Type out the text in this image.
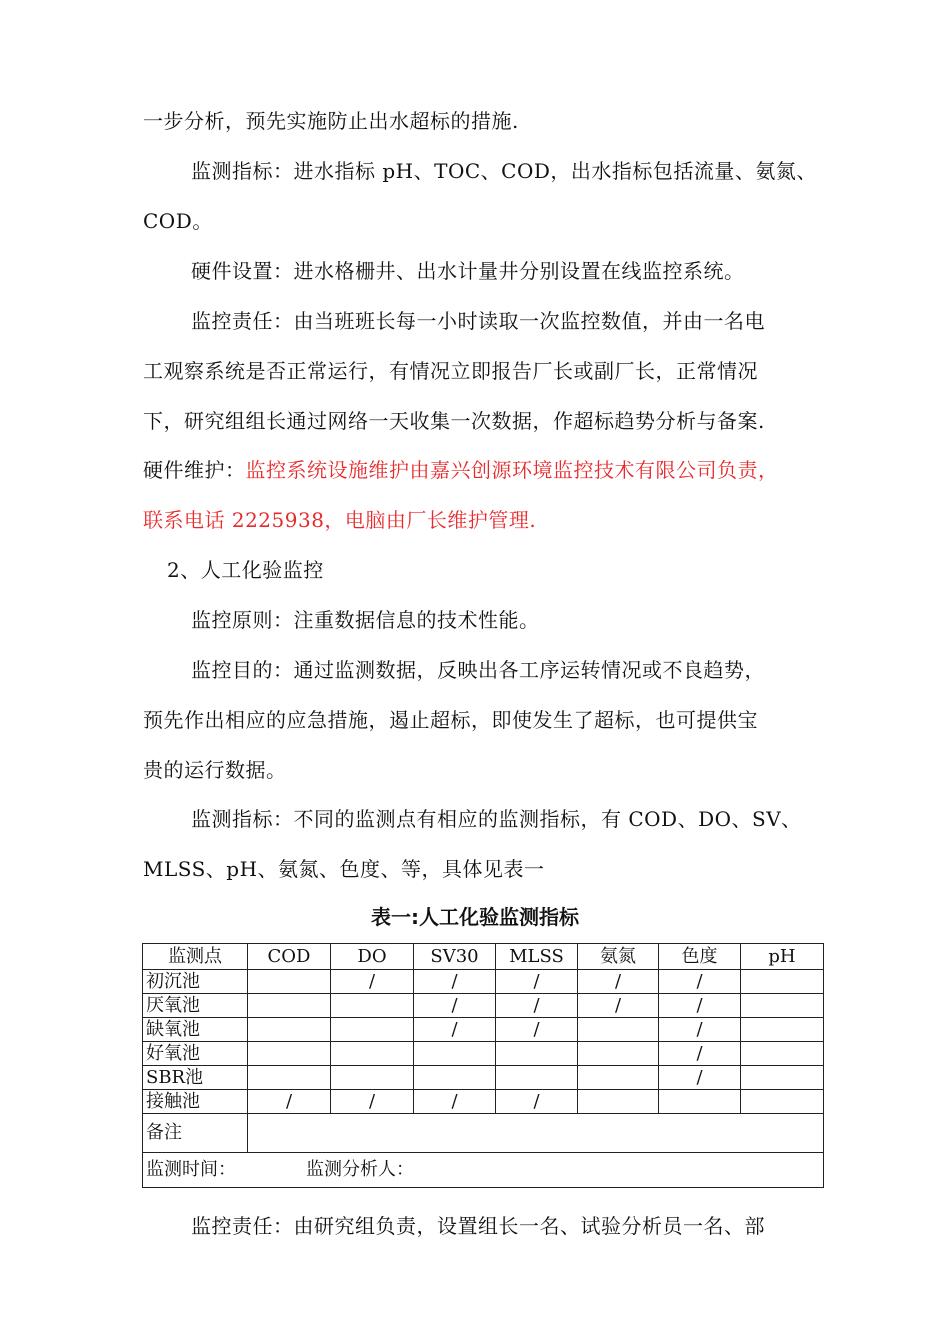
一步分析，预先实施防止出水超标的措施.
监测指标：进水指标 pH、TOC、COD，出水指标包括流量、氨氮、
COD。
硬件设置：进水格栅井、出水计量井分别设置在线监控系统。
监控责任：由当班班长每一小时读取一次监控数值，并由一名电
工观察系统是否正常运行，有情况立即报告厂长或副厂长，正常情况
下，研究组组长通过网络一天收集一次数据，作超标趋势分析与备案.
硬件维护：监控系统设施维护由嘉兴创源环境监控技术有限公司负责，
联系电话 2225938，电脑由厂长维护管理.
2、人工化验监控
监控原则：注重数据信息的技术性能。
监控目的：通过监测数据，反映出各工序运转情况或不良趋势，
预先作出相应的应急措施，遏止超标，即使发生了超标，也可提供宝
贵的运行数据。
监测指标：不同的监测点有相应的监测指标，有 COD、DO、SV、
MLSS、pH、氨氮、色度、等，具体见表一
表一:人工化验监测指标
监测点	COD	DO	SV30	MLSS	氨氮	色度	pH
初沉池		/	/	/	/	/	
厌氧池			/	/	/	/	
缺氧池			/	/		/	
好氧池						/	
SBR池						/	
接触池	/	/	/	/			
备注							
监测时间： 监测分析人：							
监控责任：由研究组负责，设置组长一名、试验分析员一名、部
